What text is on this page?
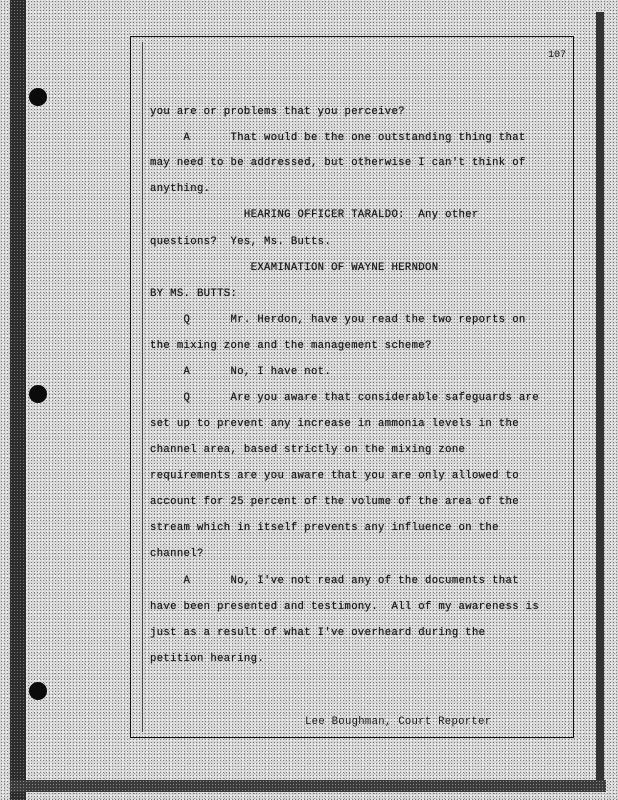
107
you are or problems that you perceive?
A      That would be the one outstanding thing that
may need to be addressed, but otherwise I can't think of
anything.
HEARING OFFICER TARALDO:  Any other
questions?  Yes, Ms. Butts.
EXAMINATION OF WAYNE HERNDON
BY MS. BUTTS:
Q      Mr. Herdon, have you read the two reports on
the mixing zone and the management scheme?
A      No, I have not.
Q      Are you aware that considerable safeguards are
set up to prevent any increase in ammonia levels in the
channel area, based strictly on the mixing zone
requirements are you aware that you are only allowed to
account for 25 percent of the volume of the area of the
stream which in itself prevents any influence on the
channel?
A      No, I've not read any of the documents that
have been presented and testimony.  All of my awareness is
just as a result of what I've overheard during the
petition hearing.
Lee Boughman, Court Reporter
